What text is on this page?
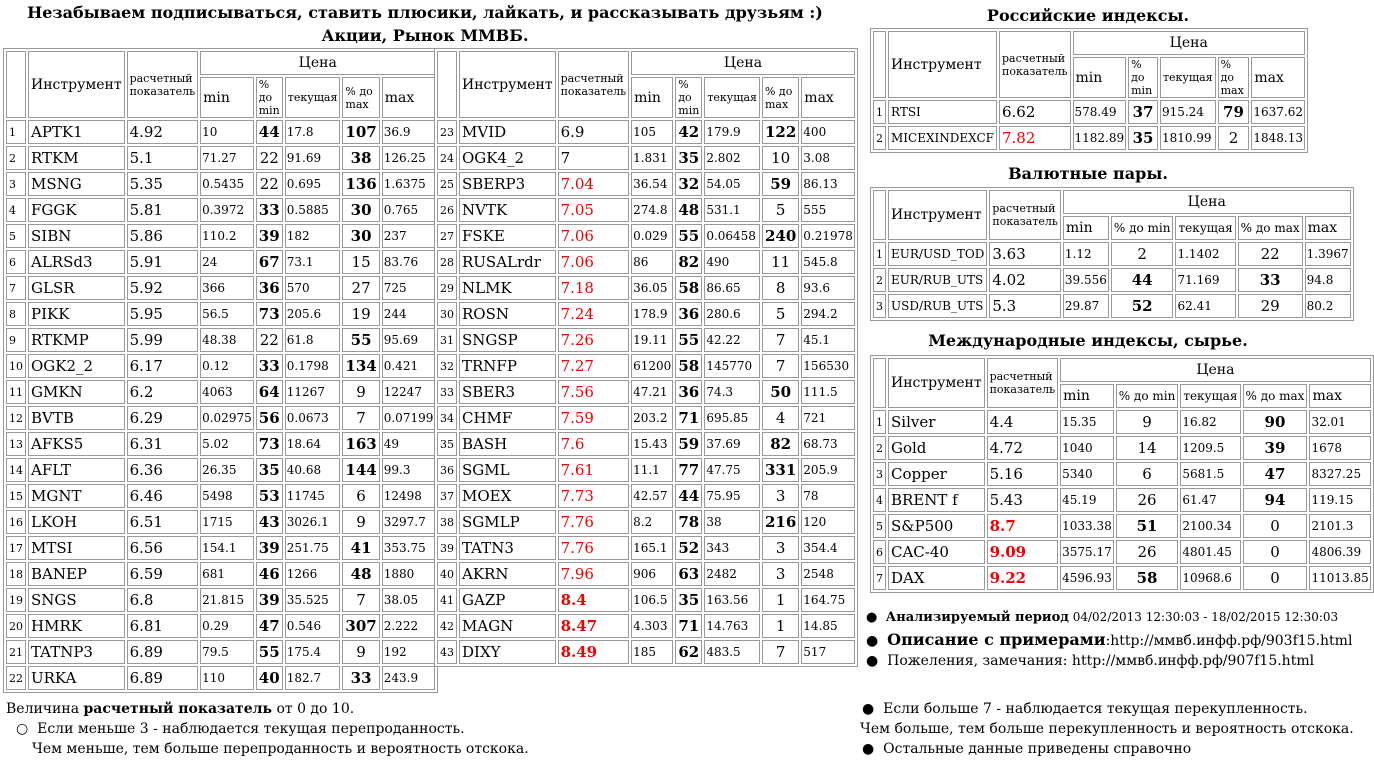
Незабываем подписываться, ставить плюсики, лайкать, и рассказывать друзьям :)
Акции, Рынок ММВБ.
	Инструмент	расчетный показатель	Цена				
			min	% до min	текущая	% до max	max
1	APTK1	4.92	10	44	17.8	107	36.9
2	RTKM	5.1	71.27	22	91.69	38	126.25
3	MSNG	5.35	0.5435	22	0.695	136	1.6375
4	FGGK	5.81	0.3972	33	0.5885	30	0.765
5	SIBN	5.86	110.2	39	182	30	237
6	ALRSd3	5.91	24	67	73.1	15	83.76
7	GLSR	5.92	366	36	570	27	725
8	PIKK	5.95	56.5	73	205.6	19	244
9	RTKMP	5.99	48.38	22	61.8	55	95.69
10	OGK2_2	6.17	0.12	33	0.1798	134	0.421
11	GMKN	6.2	4063	64	11267	9	12247
12	BVTB	6.29	0.02975	56	0.0673	7	0.07199
13	AFKS5	6.31	5.02	73	18.64	163	49
14	AFLT	6.36	26.35	35	40.68	144	99.3
15	MGNT	6.46	5498	53	11745	6	12498
16	LKOH	6.51	1715	43	3026.1	9	3297.7
17	MTSI	6.56	154.1	39	251.75	41	353.75
18	BANEP	6.59	681	46	1266	48	1880
19	SNGS	6.8	21.815	39	35.525	7	38.05
20	HMRK	6.81	0.29	47	0.546	307	2.222
21	TATNP3	6.89	79.5	55	175.4	9	192
22	URKA	6.89	110	40	182.7	33	243.9
	Инструмент	расчетный показатель	Цена				
			min	% до min	текущая	% до max	max
23	MVID	6.9	105	42	179.9	122	400
24	OGK4_2	7	1.831	35	2.802	10	3.08
25	SBERP3	7.04	36.54	32	54.05	59	86.13
26	NVTK	7.05	274.8	48	531.1	5	555
27	FSKE	7.06	0.029	55	0.06458	240	0.21978
28	RUSALrdr	7.06	86	82	490	11	545.8
29	NLMK	7.18	36.05	58	86.65	8	93.6
30	ROSN	7.24	178.9	36	280.6	5	294.2
31	SNGSP	7.26	19.11	55	42.22	7	45.1
32	TRNFP	7.27	61200	58	145770	7	156530
33	SBER3	7.56	47.21	36	74.3	50	111.5
34	CHMF	7.59	203.2	71	695.85	4	721
35	BASH	7.6	15.43	59	37.69	82	68.73
36	SGML	7.61	11.1	77	47.75	331	205.9
37	MOEX	7.73	42.57	44	75.95	3	78
38	SGMLP	7.76	8.2	78	38	216	120
39	TATN3	7.76	165.1	52	343	3	354.4
40	AKRN	7.96	906	63	2482	3	2548
41	GAZP	8.4	106.5	35	163.56	1	164.75
42	MAGN	8.47	4.303	71	14.763	1	14.85
43	DIXY	8.49	185	62	483.5	7	517
Российские индексы.
	Инструмент	расчетный показатель	Цена				
			min	% до min	текущая	% до max	max
1	RTSI	6.62	578.49	37	915.24	79	1637.62
2	MICEXINDEXCF	7.82	1182.89	35	1810.99	2	1848.13
Валютные пары.
	Инструмент	расчетный показатель	Цена				
			min	% до min	текущая	% до max	max
1	EUR/USD_TOD	3.63	1.12	2	1.1402	22	1.3967
2	EUR/RUB_UTS	4.02	39.556	44	71.169	33	94.8
3	USD/RUB_UTS	5.3	29.87	52	62.41	29	80.2
Международные индексы, сырье.
	Инструмент	расчетный показатель	Цена				
			min	% до min	текущая	% до max	max
1	Silver	4.4	15.35	9	16.82	90	32.01
2	Gold	4.72	1040	14	1209.5	39	1678
3	Copper	5.16	5340	6	5681.5	47	8327.25
4	BRENT f	5.43	45.19	26	61.47	94	119.15
5	S&P500	8.7	1033.38	51	2100.34	0	2101.3
6	CAC-40	9.09	3575.17	26	4801.45	0	4806.39
7	DAX	9.22	4596.93	58	10968.6	0	11013.85
●  Анализируемый период 04/02/2013 12:30:03 - 18/02/2015 12:30:03
●  Описание с примерами:http://ммвб.инфф.рф/903f15.html
●  Пожеления, замечания: http://ммвб.инфф.рф/907f15.html
Величина расчетный показатель от 0 до 10.
○  Если меньше 3 - наблюдается текущая перепроданность.
Чем меньше, тем больше перепроданность и вероятность отскока.
●  Если больше 7 - наблюдается текущая перекупленность.
Чем больше, тем больше перекупленность и вероятность отскока.
●  Остальные данные приведены справочно
